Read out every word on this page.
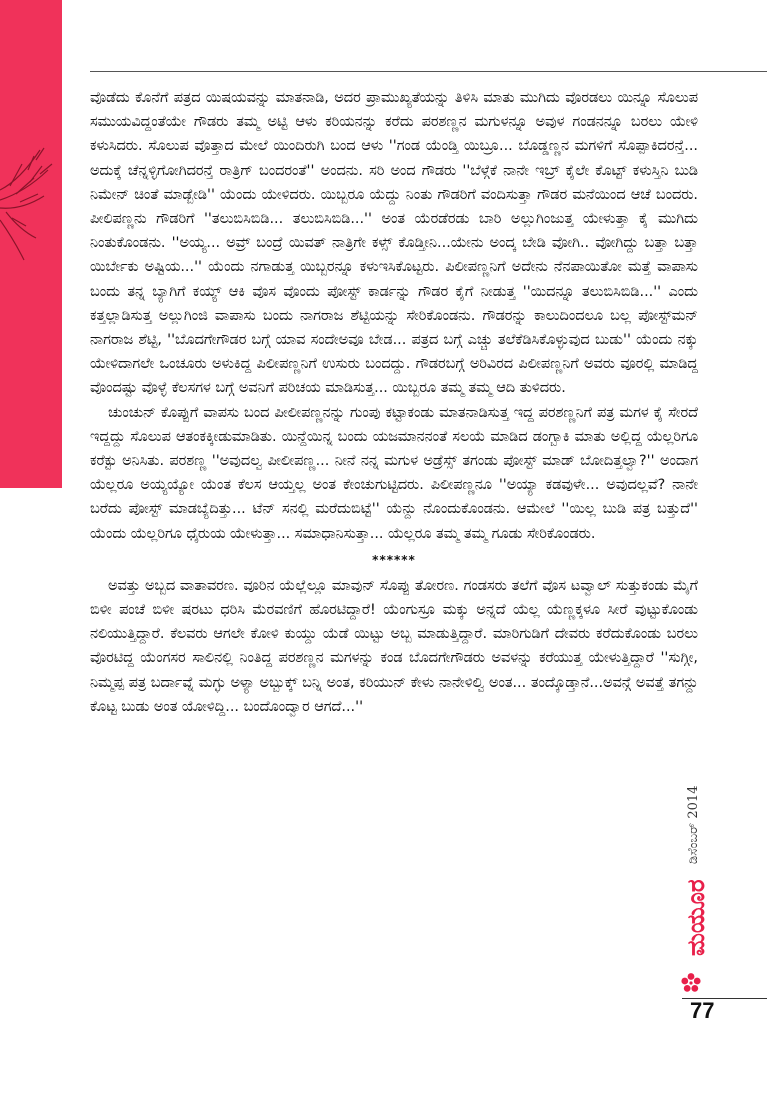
ವೊಡೆದು ಕೊನೆಗೆ ಪತ್ರದ ಯಿಷಯವನ್ನು ಮಾತನಾಡಿ, ಅದರ ಪ್ರಾಮುಖ್ಯತೆಯನ್ನು ತಿಳಿಸಿ ಮಾತು ಮುಗಿದು ವೊರಡಲು ಯಿನ್ನೂ ಸೊಲುಪ ಸಮುಯವಿದ್ದಂತೆಯೇ ಗೌಡರು ತಮ್ಮ ಅಟ್ಟಿ ಆಳು ಕರಿಯನನ್ನು ಕರೆದು ಪರಶಣ್ಣನ ಮಗುಳನ್ನೂ ಅವುಳ ಗಂಡನನ್ನೂ ಬರಲು ಯೇಳಿ ಕಳುಸಿದರು. ಸೊಲುಪ ವೊತ್ತಾದ ಮೇಲೆ ಯಿಂದಿರುಗಿ ಬಂದ ಆಳು ''ಗಂಡ ಯೆಂಡ್ತಿ ಯಿಬ್ರೂ... ಬೊಡ್ಡಣ್ಣನ ಮಗಳಿಗೆ ಸೊಪ್ಪಾಕಿದರನ್ತೆ... ಅದುಕ್ಕೆ ಚೆನ್ನಳ್ಳಿಗೋಗಿದರನ್ತೆ ರಾತ್ರಿಗ್ ಬಂದರಂತೆ'' ಅಂದನು. ಸರಿ ಅಂದ ಗೌಡರು ''ಬೆಳ್ಗೆಕೆ ನಾನೇ ಇಬ್ರ್ ಕೈಲೇ ಕೊಟ್ಟ್ ಕಳುಸ್ತಿನಿ ಬುಡಿ ನಿಮೇನ್ ಚಿಂತೆ ಮಾಡ್ಬೇಡಿ'' ಯೆಂದು ಯೇಳಿದರು. ಯಿಬ್ಬರೂ ಯೆದ್ದು ನಿಂತು ಗೌಡರಿಗೆ ವಂದಿಸುತ್ತಾ ಗೌಡರ ಮನೆಯಿಂದ ಆಚೆ ಬಂದರು. ಪೀಲಿಪಣ್ಣನು ಗೌಡರಿಗೆ ''ತಲುಬಿಸಿಬಿಡಿ... ತಲುಬಿಸಿಬಿಡಿ...'' ಅಂತ ಯೆರಡೆರಡು ಬಾರಿ ಅಲ್ಲುಗಿಂಜುತ್ತ ಯೇಳುತ್ತಾ ಕೈ ಮುಗಿದು ನಿಂತುಕೊಂಡನು. ''ಅಯ್ಯ... ಅವ್ರ್ ಬಂದ್ರೆ ಯಿವತ್ ನಾತ್ರಿಗೇ ಕಳ್ಸ್ ಕೊಡ್ತೀನಿ...ಯೇನು ಅಂದ್ಕ ಬೇಡಿ ವೋಗಿ.. ವೋಗಿದ್ದು ಬತ್ತಾ ಬತ್ತಾ ಯಿರ್ಬೇಕು ಅಷ್ಟಿಯ...'' ಯೆಂದು ನಗಾಡುತ್ತ ಯಿಬ್ಬರನ್ನೂ ಕಳುಇಸಿಕೊಟ್ಟರು. ಪಿಲೀಪಣ್ಣನಿಗೆ ಅದೇನು ನೆನಪಾಯಿತೋ ಮತ್ತೆ ವಾಪಾಸು ಬಂದು ತನ್ನ ಬ್ಯಾಗಿಗೆ ಕಯ್ಯ್ ಆಕಿ ವೊಸ ವೊಂದು ಪೋಸ್ಟ್ ಕಾರ್ಡನ್ನು ಗೌಡರ ಕೈಗೆ ನೀಡುತ್ತ ''ಯಿದನ್ನೂ ತಲುಬಿಸಿಬಿಡಿ...'' ಎಂದು ಕತ್ತಲ್ಲಾಡಿಸುತ್ತ ಅಲ್ಲುಗಿಂಜಿ ವಾಪಾಸು ಬಂದು ನಾಗರಾಜ ಶೆಟ್ಟಿಯನ್ನು ಸೇರಿಕೊಂಡನು. ಗೌಡರನ್ನು ಕಾಲುದಿಂದಲೂ ಬಲ್ಲ ಪೋಸ್ಟ್‌ಮನ್ ನಾಗರಾಜ ಶೆಟ್ಟಿ, ''ಬೊದಗೇಗೌಡರ ಬಗ್ಗೆ ಯಾವ ಸಂದೇಅವೂ ಬೇಡ... ಪತ್ರದ ಬಗ್ಗೆ ಎಚ್ಚು ತಲೆಕೆಡಿಸಿಕೊಳ್ಳುವುದ ಬುಡು'' ಯೆಂದು ನಕ್ಕು ಯೇಳಿದಾಗಲೇ ಒಂಚೂರು ಅಳುಕಿದ್ದ ಪಿಲೀಪಣ್ಣನಿಗೆ ಉಸುರು ಬಂದದ್ದು. ಗೌಡರಬಗ್ಗೆ ಅರಿವಿರದ ಪಿಲೀಪಣ್ಣನಿಗೆ ಅವರು ವೂರಲ್ಲಿ ಮಾಡಿದ್ದ ವೊಂದಷ್ಟು ವೊಳ್ಳೆ ಕೆಲಸಗಳ ಬಗ್ಗೆ ಅವನಿಗೆ ಪರಿಚಯ ಮಾಡಿಸುತ್ತ... ಯಿಬ್ಬರೂ ತಮ್ಮ ತಮ್ಮ ಆದಿ ತುಳಿದರು.

ಚುಂಚುನ್ ಕೊಪ್ಪುಗೆ ವಾಪಸು ಬಂದ ಪೀಲೀಪಣ್ಣನನ್ನು ಗುಂಪು ಕಟ್ಟಾಕಂಡು ಮಾತನಾಡಿಸುತ್ತ ಇದ್ದ ಪರಶಣ್ಣನಿಗೆ ಪತ್ರ ಮಗಳ ಕೈ ಸೇರದೆ ಇದ್ದದ್ದು ಸೊಲುಪ ಆತಂಕಕ್ಕೀಡುಮಾಡಿತು. ಯಿನ್ದೆಯಿನ್ನ ಬಂದು ಯಜಮಾನನಂತೆ ಸಲಯೆ ಮಾಡಿದ ಡಂಗ್ಬಾಕಿ ಮಾತು ಅಲ್ಲಿದ್ದ ಯೆಲ್ಲರಿಗೂ ಕರೆಕ್ಟು ಅನಿಸಿತು. ಪರಶಣ್ಣ ''ಅವುದಲ್ವ ಪೀಲೀಪಣ್ಣ... ನೀನೆ ನನ್ನ ಮಗುಳ ಅಡ್ರೆಸ್ಸ್ ತಗಂಡು ಪೋಸ್ಟ್ ಮಾಡ್ ಬೋದಿತ್ತಲ್ವಾ?'' ಅಂದಾಗ ಯೆಲ್ಲರೂ ಅಯ್ಯಯ್ಯೋ ಯೆಂತ ಕೆಲಸ ಆಯ್ತಲ್ಲ ಅಂತ ಕೇಂಚುಗುಟ್ಟಿದರು. ಪಿಲೀಪಣ್ಣನೂ ''ಅಯ್ಯಾ ಕಡವುಳೇ... ಅವುದಲ್ಲವೆ? ನಾನೇ ಬರೆದು ಪೋಸ್ಟ್ ಮಾಡಬ್ಯೆದಿತ್ತು... ಟೆನ್ ಸನಲ್ಲಿ ಮರೆದುಬಿಟ್ಟೆ'' ಯೆನ್ದು ನೊಂದುಕೊಂಡನು. ಆಮೇಲೆ ''ಯಿಲ್ಲ ಬುಡಿ ಪತ್ರ ಬತ್ತುದೆ'' ಯೆಂದು ಯೆಲ್ಲರಿಗೂ ಧೈರುಯ ಯೇಳುತ್ತಾ... ಸಮಾಧಾನಿಸುತ್ತಾ... ಯೆಲ್ಲರೂ ತಮ್ಮ ತಮ್ಮ ಗೂಡು ಸೇರಿಕೊಂಡರು.

******

ಅವತ್ತು ಅಬ್ಬದ ವಾತಾವರಣ. ವೂರಿನ ಯೆಲ್ಲೆಲ್ಲೂ ಮಾವುನ್ ಸೊಪ್ಪು ತೋರಣ. ಗಂಡಸರು ತಲೆಗೆ ವೊಸ ಟವ್ವಾಲ್ ಸುತ್ತುಕಂಡು ಮೈಗೆ ಬಿಳೀ ಪಂಚೆ ಬಿಳೀ ಷರಟು ಧರಿಸಿ ಮೆರವಣಿಗೆ ಹೊರಟಿದ್ದಾರೆ! ಯೆಂಗುಸ್ರೂ ಮಕ್ಕು ಅನ್ನದೆ ಯೆಲ್ಲ ಯೆಣ್ಣಕ್ಕಳೂ ಸೀರೆ ವುಟ್ಟುಕೊಂಡು ನಲಿಯುತ್ತಿದ್ದಾರೆ. ಕೆಲವರು ಆಗಲೇ ಕೋಳಿ ಕುಯ್ದು ಯೆಡೆ ಯಿಟ್ಟು ಅಬ್ಬ ಮಾಡುತ್ತಿದ್ದಾರೆ. ಮಾರಿಗುಡಿಗೆ ದೇವರು ಕರೆದುಕೊಂಡು ಬರಲು ವೊರಟಿದ್ದ ಯೆಂಗಸರ ಸಾಲಿನಲ್ಲಿ ನಿಂತಿದ್ದ ಪರಶಣ್ಣನ ಮಗಳನ್ನು ಕಂಡ ಬೊದಗೇಗೌಡರು ಅವಳನ್ನು ಕರೆಯುತ್ತ ಯೇಳುತ್ತಿದ್ದಾರೆ ''ಸುಗ್ಗೀ, ನಿಮ್ಮಪ್ಪ ಪತ್ರ ಬರ್ದಾವ್ನೆ ಮಗ್ಳು ಅಳ್ಯಾ ಅಬ್ಬುಕ್ಕ್ ಬನ್ನಿ ಅಂತ, ಕರಿಯುನ್ ಕೇಳು ನಾನೇಳಿಲ್ವಿ ಅಂತ... ತಂದ್ಕೊಡ್ತಾನೆ...ಅವನ್ಗೆ ಅವತ್ತೆ ತಗನ್ದು ಕೊಟ್ಟ ಬುಡು ಅಂತ ಯೋಳಿದ್ದಿ... ಬಂದೊಂದ್ವಾರ ಆಗದೆ...''

ಡಿಸೆಂಬರ್ 2014
ಮಯೂರ
77
